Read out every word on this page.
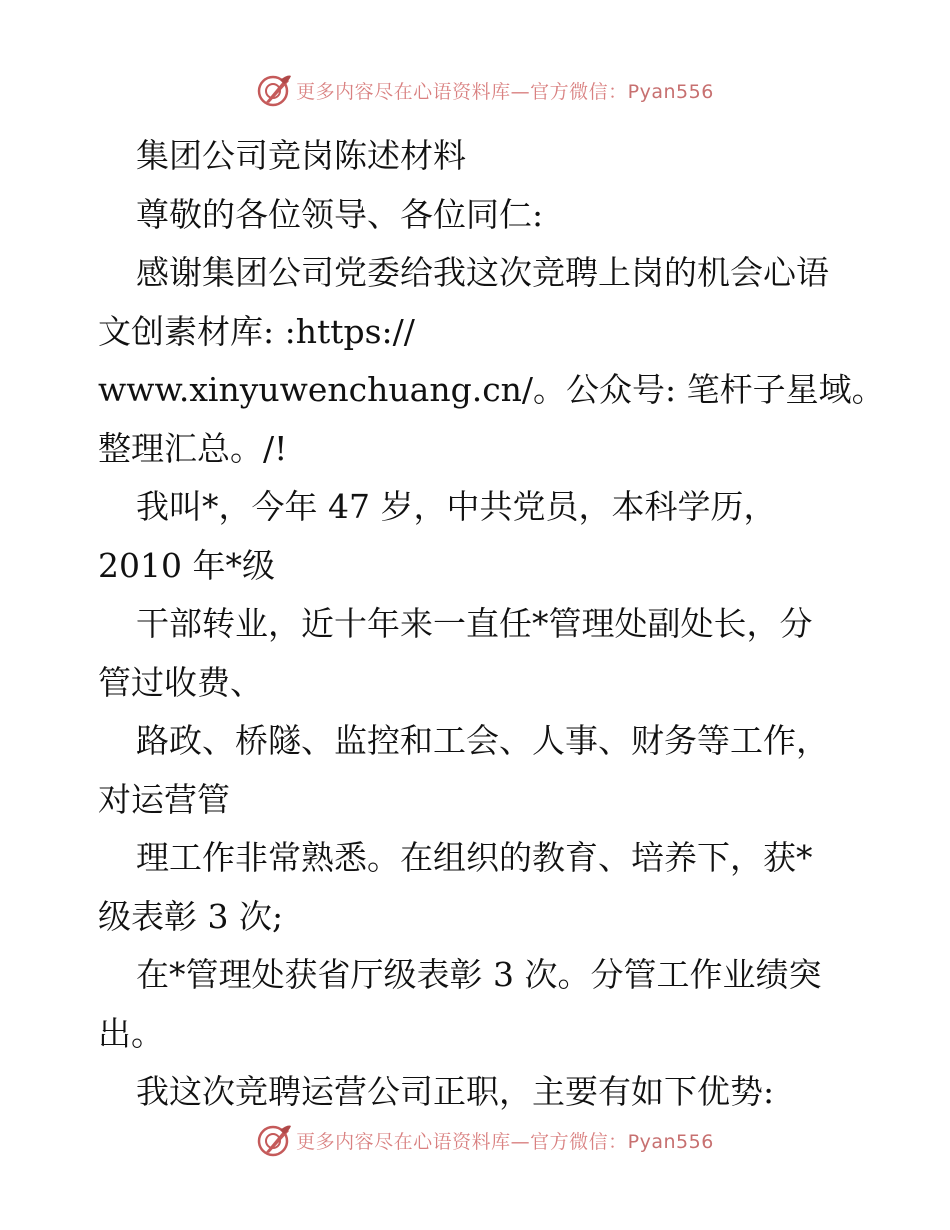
更多内容尽在心语资料库—官方微信：Pyan556
集团公司竞岗陈述材料
尊敬的各位领导、各位同仁:
感谢集团公司党委给我这次竞聘上岗的机会心语
文创素材库: :https://
www.xinyuwenchuang.cn/。公众号: 笔杆子星域。
整理汇总。/!
我叫*，今年 47 岁，中共党员，本科学历，
2010 年*级
干部转业，近十年来一直任*管理处副处长，分
管过收费、
路政、桥隧、监控和工会、人事、财务等工作，
对运营管
理工作非常熟悉。在组织的教育、培养下，获*
级表彰 3 次;
在*管理处获省厅级表彰 3 次。分管工作业绩突
出。
我这次竞聘运营公司正职，主要有如下优势:
更多内容尽在心语资料库—官方微信：Pyan556
